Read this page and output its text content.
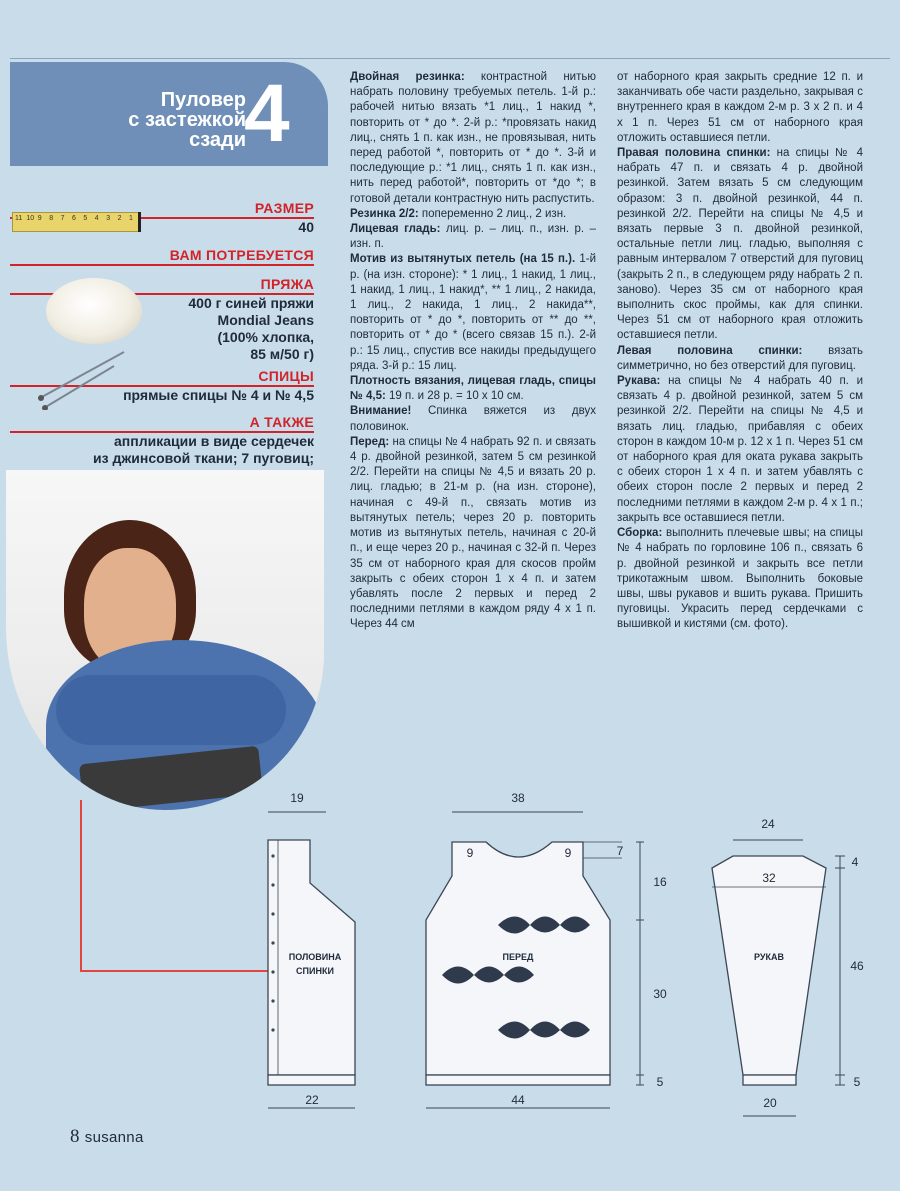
Пуловер
с застежкой
сзади
4
РАЗМЕР
40
11 10 9 8 7 6 5 4 3 2 1
ВАМ ПОТРЕБУЕТСЯ
ПРЯЖА
400 г синей пряжи
Mondial Jeans
(100% хлопка,
85 м/50 г)
СПИЦЫ
прямые спицы № 4 и № 4,5
А ТАКЖЕ
аппликации в виде сердечек
из джинсовой ткани; 7 пуговиц;

Двойная резинка: контрастной нитью набрать половину требуемых петель. 1-й р.: рабочей нитью вязать *1 лиц., 1 накид *, повторить от * до *. 2-й р.: *провязать накид лиц., снять 1 п. как изн., не провязывая, нить перед работой *, повторить от * до *. 3-й и последующие р.: *1 лиц., снять 1 п. как изн., нить перед работой*, повторить от *до *; в готовой детали контрастную нить распустить.

Резинка 2/2: попеременно 2 лиц., 2 изн.

Лицевая гладь: лиц. р. – лиц. п., изн. р. – изн. п.

Мотив из вытянутых петель (на 15 п.). 1-й р. (на изн. стороне): * 1 лиц., 1 накид, 1 лиц., 1 накид, 1 лиц., 1 накид*, ** 1 лиц., 2 накида, 1 лиц., 2 накида, 1 лиц., 2 накида**, повторить от * до *, повторить от ** до **, повторить от * до * (всего связав 15 п.). 2-й р.: 15 лиц., спустив все накиды предыдущего ряда. 3-й р.: 15 лиц.

Плотность вязания, лицевая гладь, спицы № 4,5: 19 п. и 28 р. = 10 х 10 см.

Внимание! Спинка вяжется из двух половинок.

Перед: на спицы № 4 набрать 92 п. и связать 4 р. двойной резинкой, затем 5 см резинкой 2/2. Перейти на спицы № 4,5 и вязать 20 р. лиц. гладью; в 21-м р. (на изн. стороне), начиная с 49-й п., связать мотив из вытянутых петель; через 20 р. повторить мотив из вытянутых петель, начиная с 20-й п., и еще через 20 р., начиная с 32-й п. Через 35 см от наборного края для скосов пройм закрыть с обеих сторон 1 х 4 п. и затем убавлять после 2 первых и перед 2 последними петлями в каждом ряду 4 х 1 п. Через 44 см

от наборного края закрыть средние 12 п. и заканчивать обе части раздельно, закрывая с внутреннего края в каждом 2-м р. 3 х 2 п. и 4 х 1 п. Через 51 см от наборного края отложить оставшиеся петли.

Правая половина спинки: на спицы № 4 набрать 47 п. и связать 4 р. двойной резинкой. Затем вязать 5 см следующим образом: 3 п. двойной резинкой, 44 п. резинкой 2/2. Перейти на спицы № 4,5 и вязать первые 3 п. двойной резинкой, остальные петли лиц. гладью, выполняя с равным интервалом 7 отверстий для пуговиц (закрыть 2 п., в следующем ряду набрать 2 п. заново). Через 35 см от наборного края выполнить скос проймы, как для спинки. Через 51 см от наборного края отложить оставшиеся петли.

Левая половина спинки: вязать симметрично, но без отверстий для пуговиц.

Рукава: на спицы № 4 набрать 40 п. и связать 4 р. двойной резинкой, затем 5 см резинкой 2/2. Перейти на спицы № 4,5 и вязать лиц. гладью, прибавляя с обеих сторон в каждом 10-м р. 12 х 1 п. Через 51 см от наборного края для оката рукава закрыть с обеих сторон 1 х 4 п. и затем убавлять с обеих сторон после 2 первых и перед 2 последними петлями в каждом 2-м р. 4 х 1 п.; закрыть все оставшиеся петли.

Сборка: выполнить плечевые швы; на спицы № 4 набрать по горловине 106 п., связать 6 р. двойной резинкой и закрыть все петли трикотажным швом. Выполнить боковые швы, швы рукавов и вшить рукава. Пришить пуговицы. Украсить перед сердечками с вышивкой и кистями (см. фото).

19
22
ПОЛОВИНА
СПИНКИ
38
9	9	7
16
30
5
44
ПЕРЕД
24
32
4
46
5
20
РУКАВ
8 susanna
